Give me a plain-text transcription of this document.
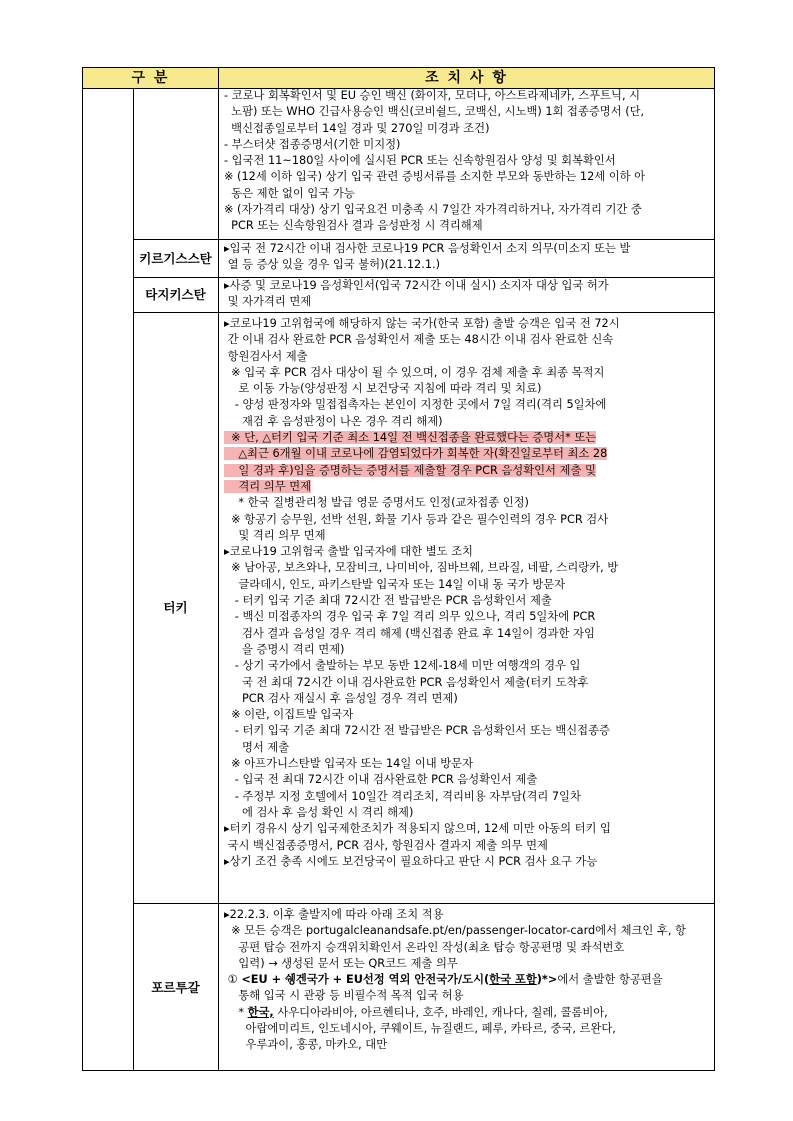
구 분	조 치 사 항
- 코로나 회복확인서 및 EU 승인 백신 (화이자, 모더나, 아스트라제네카, 스푸트닉, 시
노팜) 또는 WHO 긴급사용승인 백신(코비쉴드, 코백신, 시노백) 1회 접종증명서 (단,
백신접종일로부터 14일 경과 및 270일 미경과 조건)
- 부스터샷 접종증명서(기한 미지정)
- 입국전 11~180일 사이에 실시된 PCR 또는 신속항원검사 양성 및 회복확인서
※ (12세 이하 입국) 상기 입국 관련 증빙서류를 소지한 부모와 동반하는 12세 이하 아
동은 제한 없이 입국 가능
※ (자가격리 대상) 상기 입국요건 미충족 시 7일간 자가격리하거나, 자가격리 기간 중
PCR 또는 신속항원검사 결과 음성판정 시 격리해제
키르기스스탄
▸입국 전 72시간 이내 검사한 코로나19 PCR 음성확인서 소지 의무(미소지 또는 발
열 등 증상 있을 경우 입국 불허)(21.12.1.)
타지키스탄
▸사증 및 코로나19 음성확인서(입국 72시간 이내 실시) 소지자 대상 입국 허가
및 자가격리 면제
터키
▸코로나19 고위험국에 해당하지 않는 국가(한국 포함) 출발 승객은 입국 전 72시
간 이내 검사 완료한 PCR 음성확인서 제출 또는 48시간 이내 검사 완료한 신속
항원검사서 제출
※ 입국 후 PCR 검사 대상이 될 수 있으며, 이 경우 검체 제출 후 최종 목적지
로 이동 가능(양성판정 시 보건당국 지침에 따라 격리 및 치료)
- 양성 판정자와 밀접접촉자는 본인이 지정한 곳에서 7일 격리(격리 5일차에
재검 후 음성판정이 나온 경우 격리 해제)
※ 단, △터키 입국 기준 최소 14일 전 백신접종을 완료했다는 증명서* 또는
△최근 6개월 이내 코로나에 감염되었다가 회복한 자(확진일로부터 최소 28
일 경과 후)임을 증명하는 증명서를 제출할 경우 PCR 음성확인서 제출 및
격리 의무 면제
* 한국 질병관리청 발급 영문 증명서도 인정(교차접종 인정)
※ 항공기 승무원, 선박 선원, 화물 기사 등과 같은 필수인력의 경우 PCR 검사
및 격리 의무 면제
▸코로나19 고위험국 출발 입국자에 대한 별도 조치
※ 남아공, 보츠와나, 모잠비크, 나미비아, 짐바브웨, 브라질, 네팔, 스리랑카, 방
글라데시, 인도, 파키스탄발 입국자 또는 14일 이내 동 국가 방문자
- 터키 입국 기준 최대 72시간 전 발급받은 PCR 음성확인서 제출
- 백신 미접종자의 경우 입국 후 7일 격리 의무 있으나, 격리 5일차에 PCR
검사 결과 음성일 경우 격리 해제 (백신접종 완료 후 14일이 경과한 자임
을 증명시 격리 면제)
- 상기 국가에서 출발하는 부모 동반 12세-18세 미만 여행객의 경우 입
국 전 최대 72시간 이내 검사완료한 PCR 음성확인서 제출(터키 도착후
PCR 검사 재실시 후 음성일 경우 격리 면제)
※ 이란, 이집트발 입국자
- 터키 입국 기준 최대 72시간 전 발급받은 PCR 음성확인서 또는 백신접종증
명서 제출
※ 아프가니스탄발 입국자 또는 14일 이내 방문자
- 입국 전 최대 72시간 이내 검사완료한 PCR 음성확인서 제출
- 주정부 지정 호텔에서 10일간 격리조치, 격리비용 자부담(격리 7일차
에 검사 후 음성 확인 시 격리 해제)
▸터키 경유시 상기 입국제한조치가 적용되지 않으며, 12세 미만 아동의 터키 입
국시 백신접종증명서, PCR 검사, 항원검사 결과지 제출 의무 면제
▸상기 조건 충족 시에도 보건당국이 필요하다고 판단 시 PCR 검사 요구 가능
포르투갈
▸22.2.3. 이후 출발지에 따라 아래 조치 적용
※ 모든 승객은 portugalcleanandsafe.pt/en/passenger-locator-card에서 체크인 후, 항
공편 탑승 전까지 승객위치확인서 온라인 작성(최초 탑승 항공편명 및 좌석번호
입력) → 생성된 문서 또는 QR코드 제출 의무
① <EU + 쉥겐국가 + EU선정 역외 안전국가/도시(한국 포함)*>에서 출발한 항공편을
통해 입국 시 관광 등 비필수적 목적 입국 허용
* 한국, 사우디아라비아, 아르헨티나, 호주, 바레인, 캐나다, 칠레, 콜롬비아,
아랍에미리트, 인도네시아, 쿠웨이트, 뉴질랜드, 페루, 카타르, 중국, 르완다,
우루과이, 홍콩, 마카오, 대만
